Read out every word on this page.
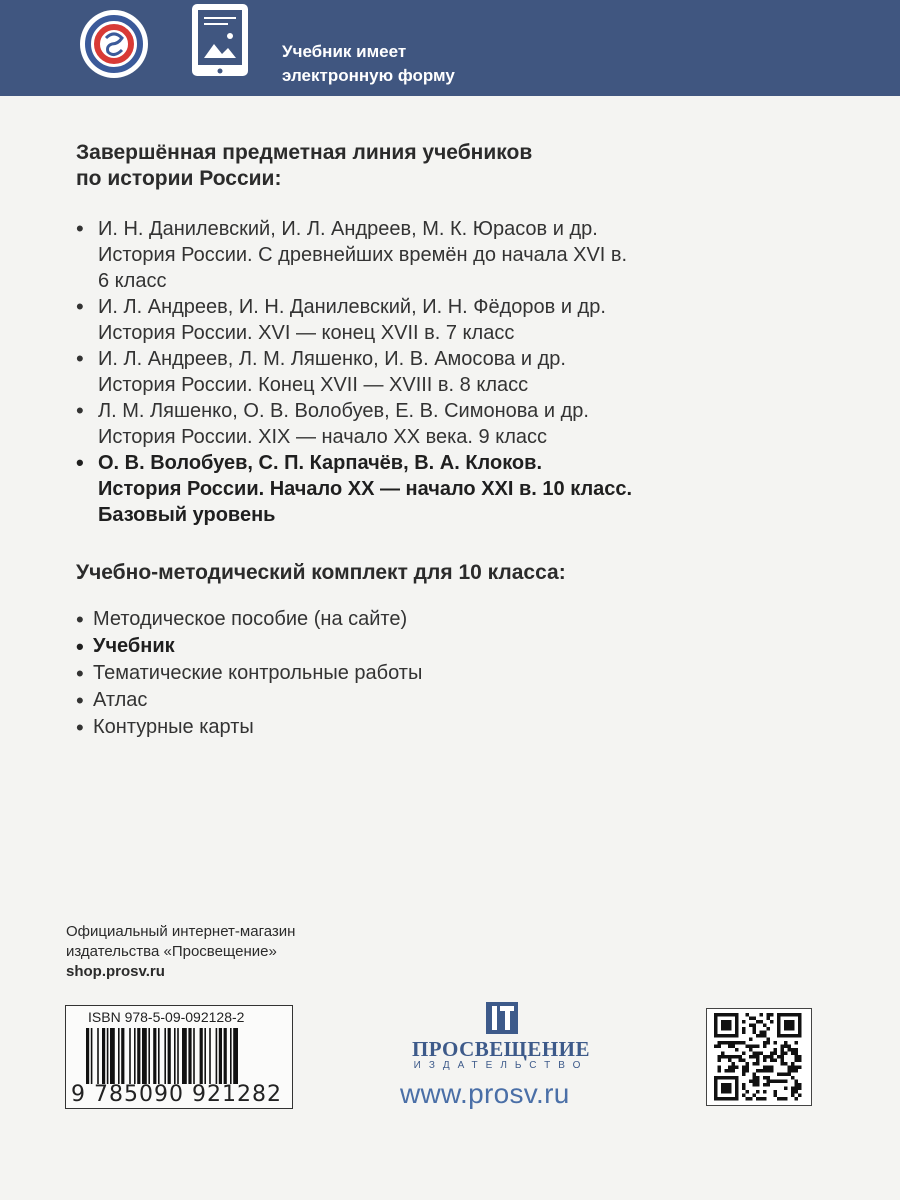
Учебник имеет
электронную форму
Завершённая предметная линия учебников
по истории России:
• И. Н. Данилевский, И. Л. Андреев, М. К. Юрасов и др.
История России. С древнейших времён до начала XVI в.
6 класс
• И. Л. Андреев, И. Н. Данилевский, И. Н. Фёдоров и др.
История России. XVI — конец XVII в. 7 класс
• И. Л. Андреев, Л. М. Ляшенко, И. В. Амосова и др.
История России. Конец XVII — XVIII в. 8 класс
• Л. М. Ляшенко, О. В. Волобуев, Е. В. Симонова и др.
История России. XIX — начало XX века. 9 класс
• О. В. Волобуев, С. П. Карпачёв, В. А. Клоков.
История России. Начало XX — начало XXI в. 10 класс.
Базовый уровень
Учебно-методический комплект для 10 класса:
• Методическое пособие (на сайте)
• Учебник
• Тематические контрольные работы
• Атлас
• Контурные карты
Официальный интернет-магазин
издательства «Просвещение»
shop.prosv.ru
ISBN 978-5-09-092128-2
9 785090 921282
ПРОСВЕЩЕНИЕ
ИЗДАТЕЛЬСТВО
www.prosv.ru
